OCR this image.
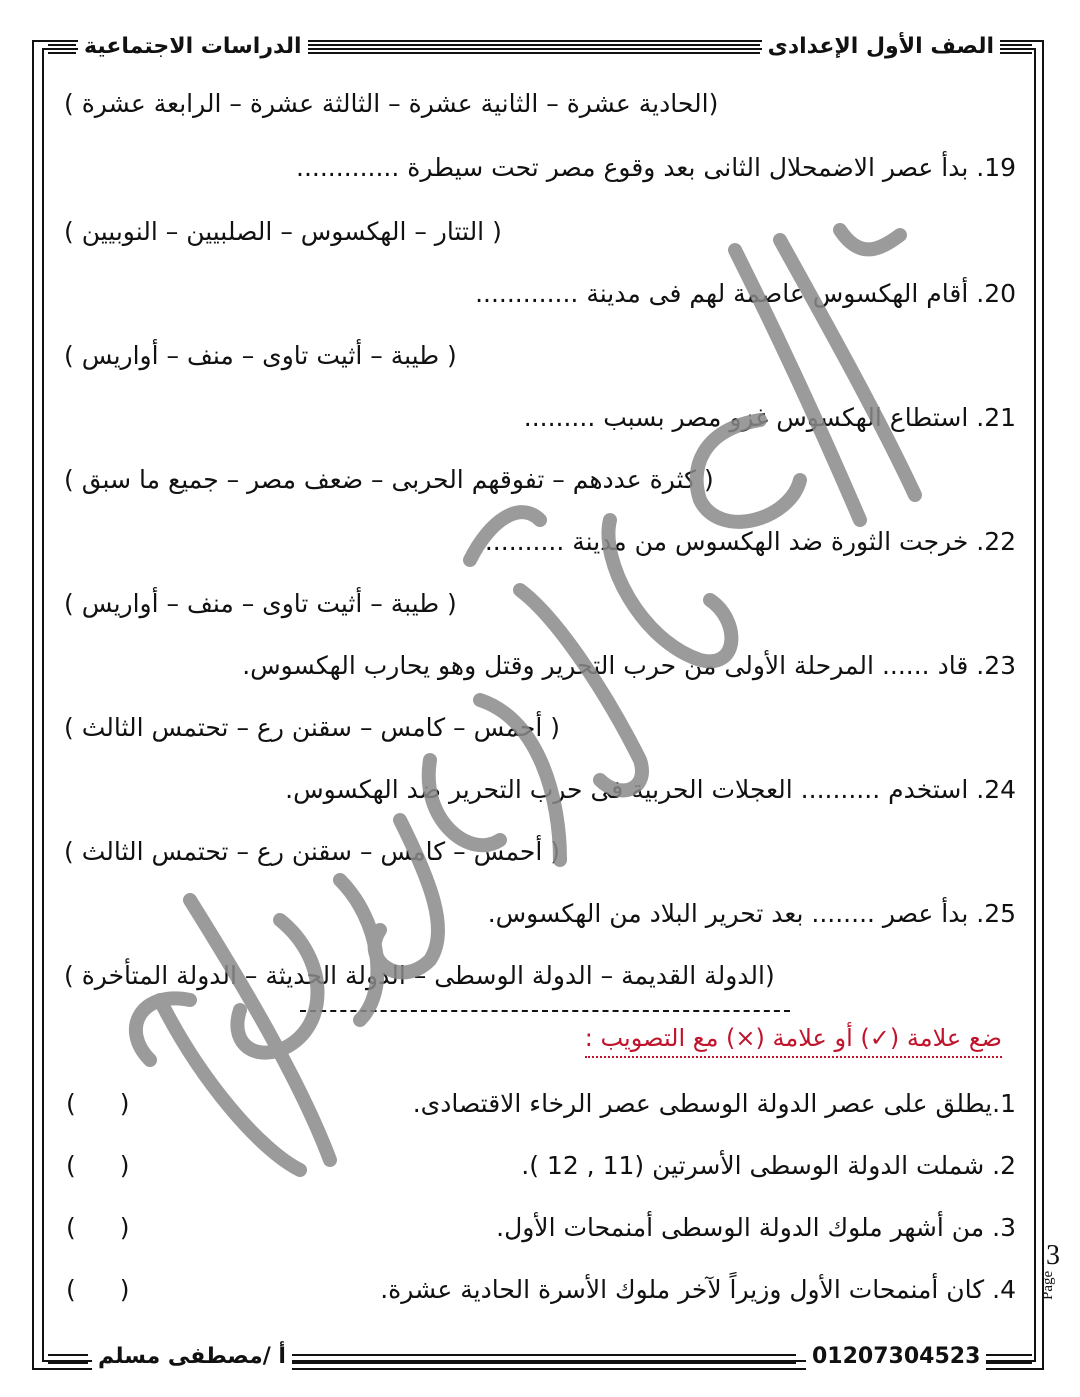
الصف الأول الإعدادى
الدراسات الاجتماعية
(الحادية عشرة – الثانية عشرة – الثالثة عشرة – الرابعة عشرة )
19. بدأ عصر الاضمحلال الثانى بعد وقوع مصر تحت سيطرة .............
( التتار – الهكسوس – الصلبيين – النوبيين )
20. أقام الهكسوس عاصمة لهم فى مدينة .............
( طيبة – أثيت تاوى – منف – أواريس )
21. استطاع الهكسوس غزو مصر بسبب .........
( كثرة عددهم – تفوقهم الحربى – ضعف مصر – جميع ما سبق )
22. خرجت الثورة ضد الهكسوس من مدينة ..........
( طيبة – أثيت تاوى – منف – أواريس )
23. قاد ...... المرحلة الأولى من حرب التحرير وقتل وهو يحارب الهكسوس.
( أحمس – كامس – سقنن رع – تحتمس الثالث )
24. استخدم .......... العجلات الحربية فى حرب التحرير ضد الهكسوس.
( أحمس – كامس – سقنن رع – تحتمس الثالث )
25. بدأ عصر ........ بعد تحرير البلاد من الهكسوس.
(الدولة القديمة – الدولة الوسطى – الدولة الحديثة – الدولة المتأخرة )
ضع علامة (✓) أو علامة (×) مع التصويب :
1.يطلق على عصر الدولة الوسطى عصر الرخاء الاقتصادى.
( )
2. شملت الدولة الوسطى الأسرتين (11 , 12 ).
( )
3. من أشهر ملوك الدولة الوسطى أمنمحات الأول.
( )
4. كان أمنمحات الأول وزيراً لآخر ملوك الأسرة الحادية عشرة.
( )	Page
3
01207304523
أ /مصطفى مسلم
